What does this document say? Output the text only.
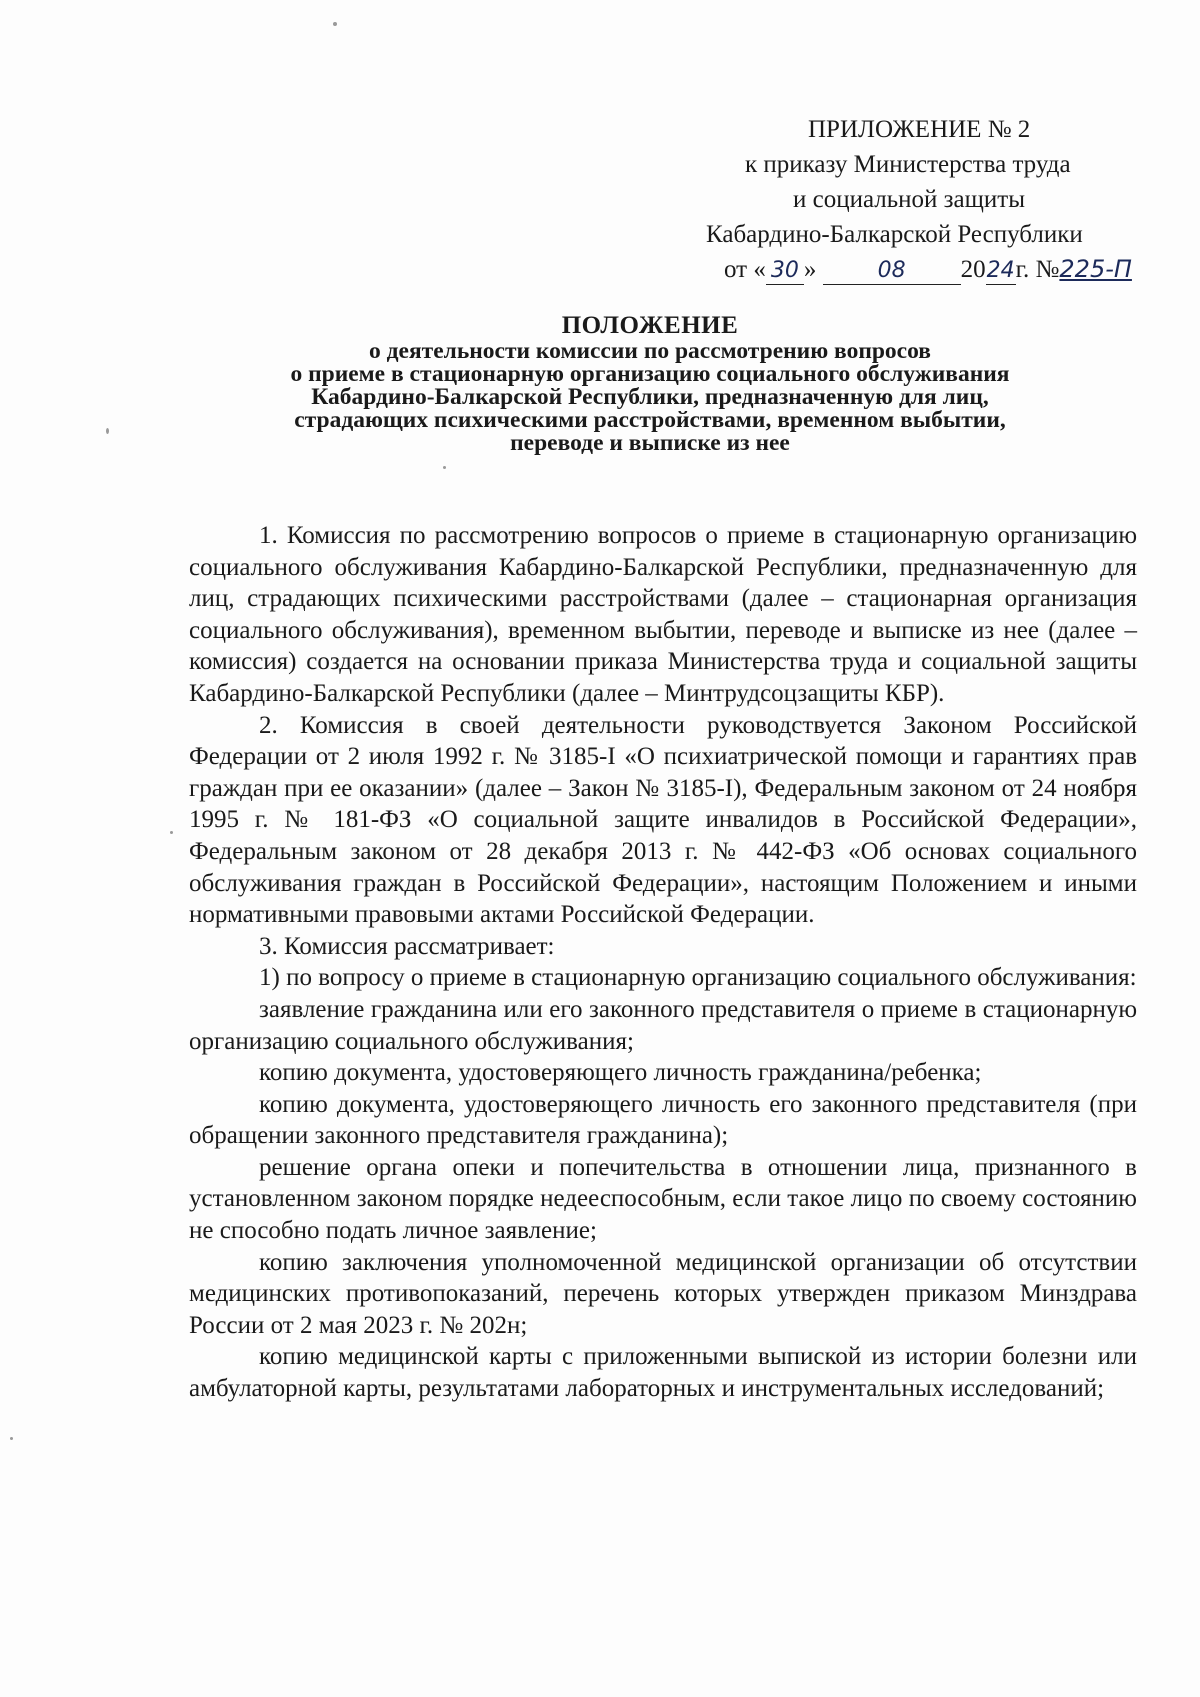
ПРИЛОЖЕНИЕ № 2
к приказу Министерства труда
и социальной защиты
Кабардино-Балкарской Республики
от « 30 »	08 2024г. №225-П
ПОЛОЖЕНИЕ
о деятельности комиссии по рассмотрению вопросов
о приеме в стационарную организацию социального обслуживания
Кабардино-Балкарской Республики, предназначенную для лиц,
страдающих психическими расстройствами, временном выбытии,
переводе и выписке из нее

1. Комиссия по рассмотрению вопросов о приеме в стационарную организацию социального обслуживания Кабардино-Балкарской Республики, предназначенную для лиц, страдающих психическими расстройствами (далее – стационарная организация социального обслуживания), временном выбытии, переводе и выписке из нее (далее – комиссия) создается на основании приказа Министерства труда и социальной защиты Кабардино-Балкарской Республики (далее – Минтрудсоцзащиты КБР).

2. Комиссия в своей деятельности руководствуется Законом Российской Федерации от 2 июля 1992 г. № 3185-I «О психиатрической помощи и гарантиях прав граждан при ее оказании» (далее – Закон № 3185-I), Федеральным законом от 24 ноября 1995 г. № 181-ФЗ «О социальной защите инвалидов в Российской Федерации», Федеральным законом от 28 декабря 2013 г. № 442-ФЗ «Об основах социального обслуживания граждан в Российской Федерации», настоящим Положением и иными нормативными правовыми актами Российской Федерации.

3. Комиссия рассматривает:

1) по вопросу о приеме в стационарную организацию социального обслуживания:

заявление гражданина или его законного представителя о приеме в стационарную организацию социального обслуживания;

копию документа, удостоверяющего личность гражданина/ребенка;

копию документа, удостоверяющего личность его законного представителя (при обращении законного представителя гражданина);

решение органа опеки и попечительства в отношении лица, признанного в установленном законом порядке недееспособным, если такое лицо по своему состоянию не способно подать личное заявление;

копию заключения уполномоченной медицинской организации об отсутствии медицинских противопоказаний, перечень которых утвержден приказом Минздрава России от 2 мая 2023 г. № 202н;

копию медицинской карты с приложенными выпиской из истории болезни или амбулаторной карты, результатами лабораторных и инструментальных исследований;
